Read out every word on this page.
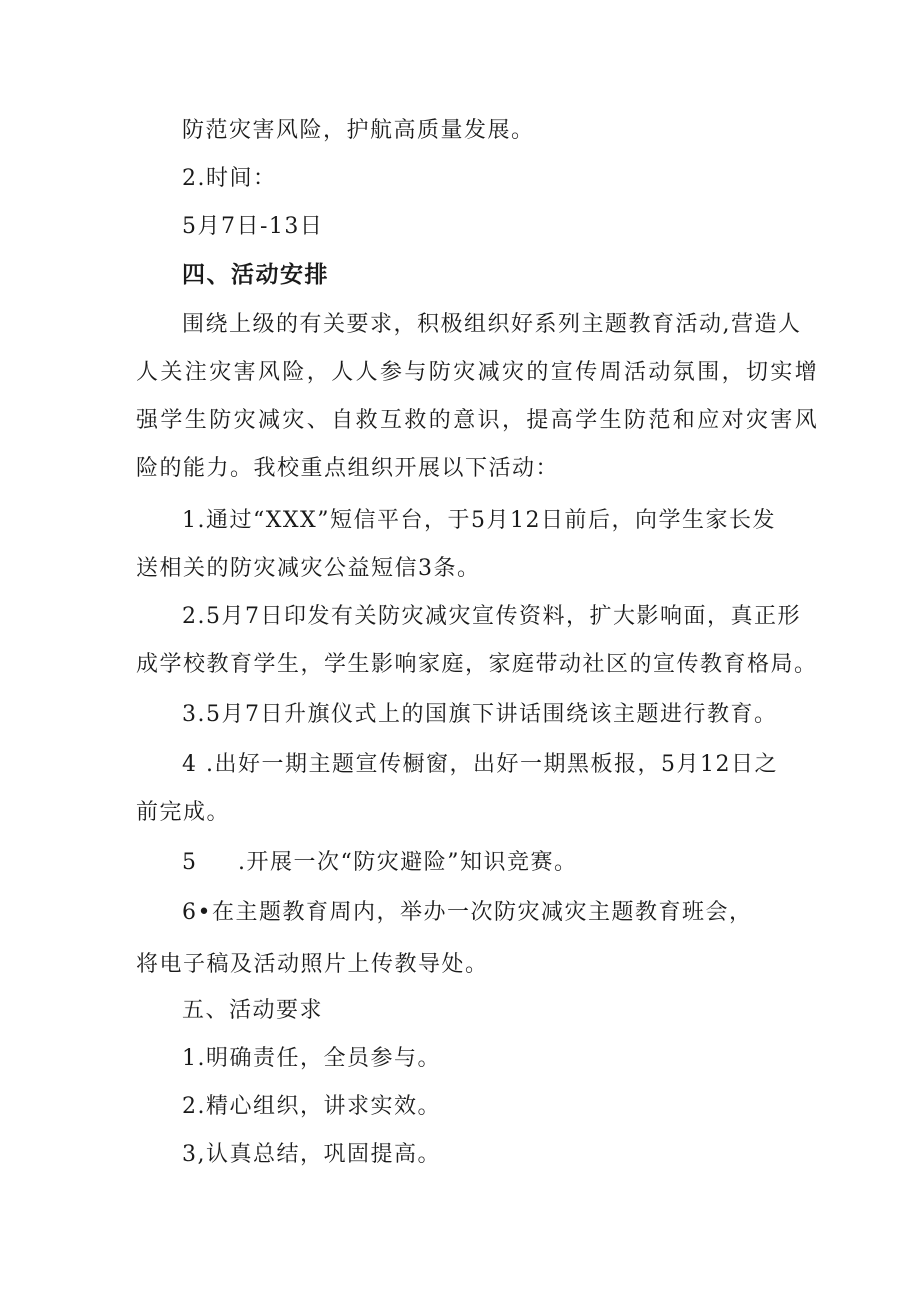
防范灾害风险，护航高质量发展。
2.时间：
5月7日-13日
四、活动安排
围绕上级的有关要求，积极组织好系列主题教育活动,营造人
人关注灾害风险，人人参与防灾减灾的宣传周活动氛围，切实增
强学生防灾减灾、自救互救的意识，提高学生防范和应对灾害风
险的能力。我校重点组织开展以下活动：
1.通过“XXX”短信平台，于5月12日前后，向学生家长发
送相关的防灾减灾公益短信3条。
2.5月7日印发有关防灾减灾宣传资料，扩大影响面，真正形
成学校教育学生，学生影响家庭，家庭带动社区的宣传教育格局。
3.5月7日升旗仪式上的国旗下讲话围绕该主题进行教育。
4 .出好一期主题宣传橱窗，出好一期黑板报，5月12日之
前完成。
5 .开展一次“防灾避险”知识竞赛。
6•在主题教育周内，举办一次防灾减灾主题教育班会，
将电子稿及活动照片上传教导处。
五、活动要求
1.明确责任，全员参与。
2.精心组织，讲求实效。
3,认真总结，巩固提高。
